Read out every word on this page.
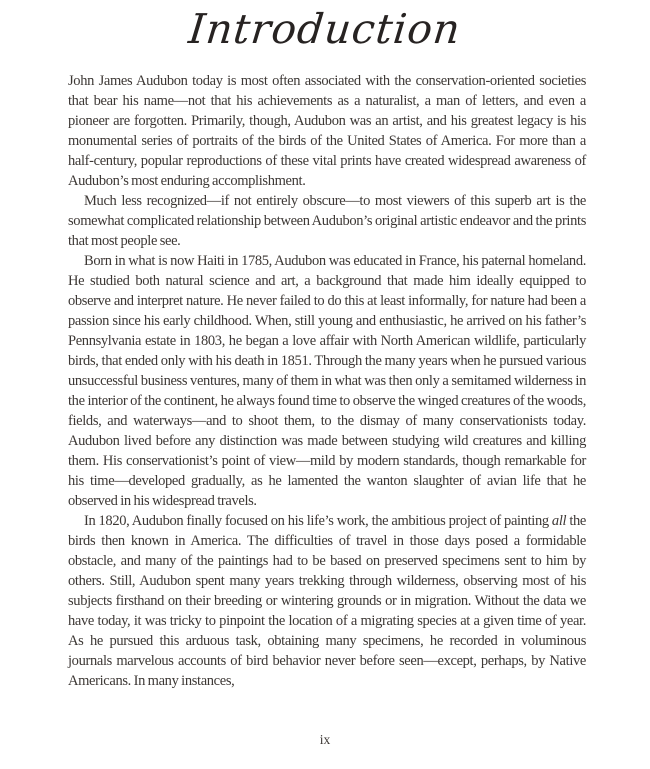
Introduction

John James Audubon today is most often associated with the conservation-oriented societies that bear his name—not that his achievements as a naturalist, a man of letters, and even a pioneer are forgotten. Primarily, though, Audubon was an artist, and his greatest legacy is his monumental series of portraits of the birds of the United States of America. For more than a half-century, popular reproductions of these vital prints have created widespread awareness of Audubon’s most enduring accomplishment.

Much less recognized—if not entirely obscure—to most viewers of this superb art is the somewhat complicated relationship between Audubon’s original artistic endeavor and the prints that most people see.

Born in what is now Haiti in 1785, Audubon was educated in France, his paternal homeland. He studied both natural science and art, a background that made him ideally equipped to observe and interpret nature. He never failed to do this at least informally, for nature had been a passion since his early childhood. When, still young and enthusiastic, he arrived on his father’s Pennsylvania estate in 1803, he began a love affair with North American wildlife, particularly birds, that ended only with his death in 1851. Through the many years when he pursued various unsuccessful business ventures, many of them in what was then only a semitamed wilderness in the interior of the continent, he always found time to observe the winged creatures of the woods, fields, and waterways—and to shoot them, to the dismay of many conservationists today. Audubon lived before any distinction was made between studying wild creatures and killing them. His conservationist’s point of view—mild by modern standards, though remarkable for his time—developed gradually, as he lamented the wanton slaughter of avian life that he observed in his widespread travels.

In 1820, Audubon finally focused on his life’s work, the ambitious project of painting all the birds then known in America. The difficulties of travel in those days posed a formidable obstacle, and many of the paintings had to be based on preserved specimens sent to him by others. Still, Audubon spent many years trekking through wilderness, observing most of his subjects firsthand on their breeding or wintering grounds or in migration. Without the data we have today, it was tricky to pinpoint the location of a migrating species at a given time of year. As he pursued this arduous task, obtaining many specimens, he recorded in voluminous journals marvelous accounts of bird behavior never before seen—except, perhaps, by Native Americans. In many instances,

ix
